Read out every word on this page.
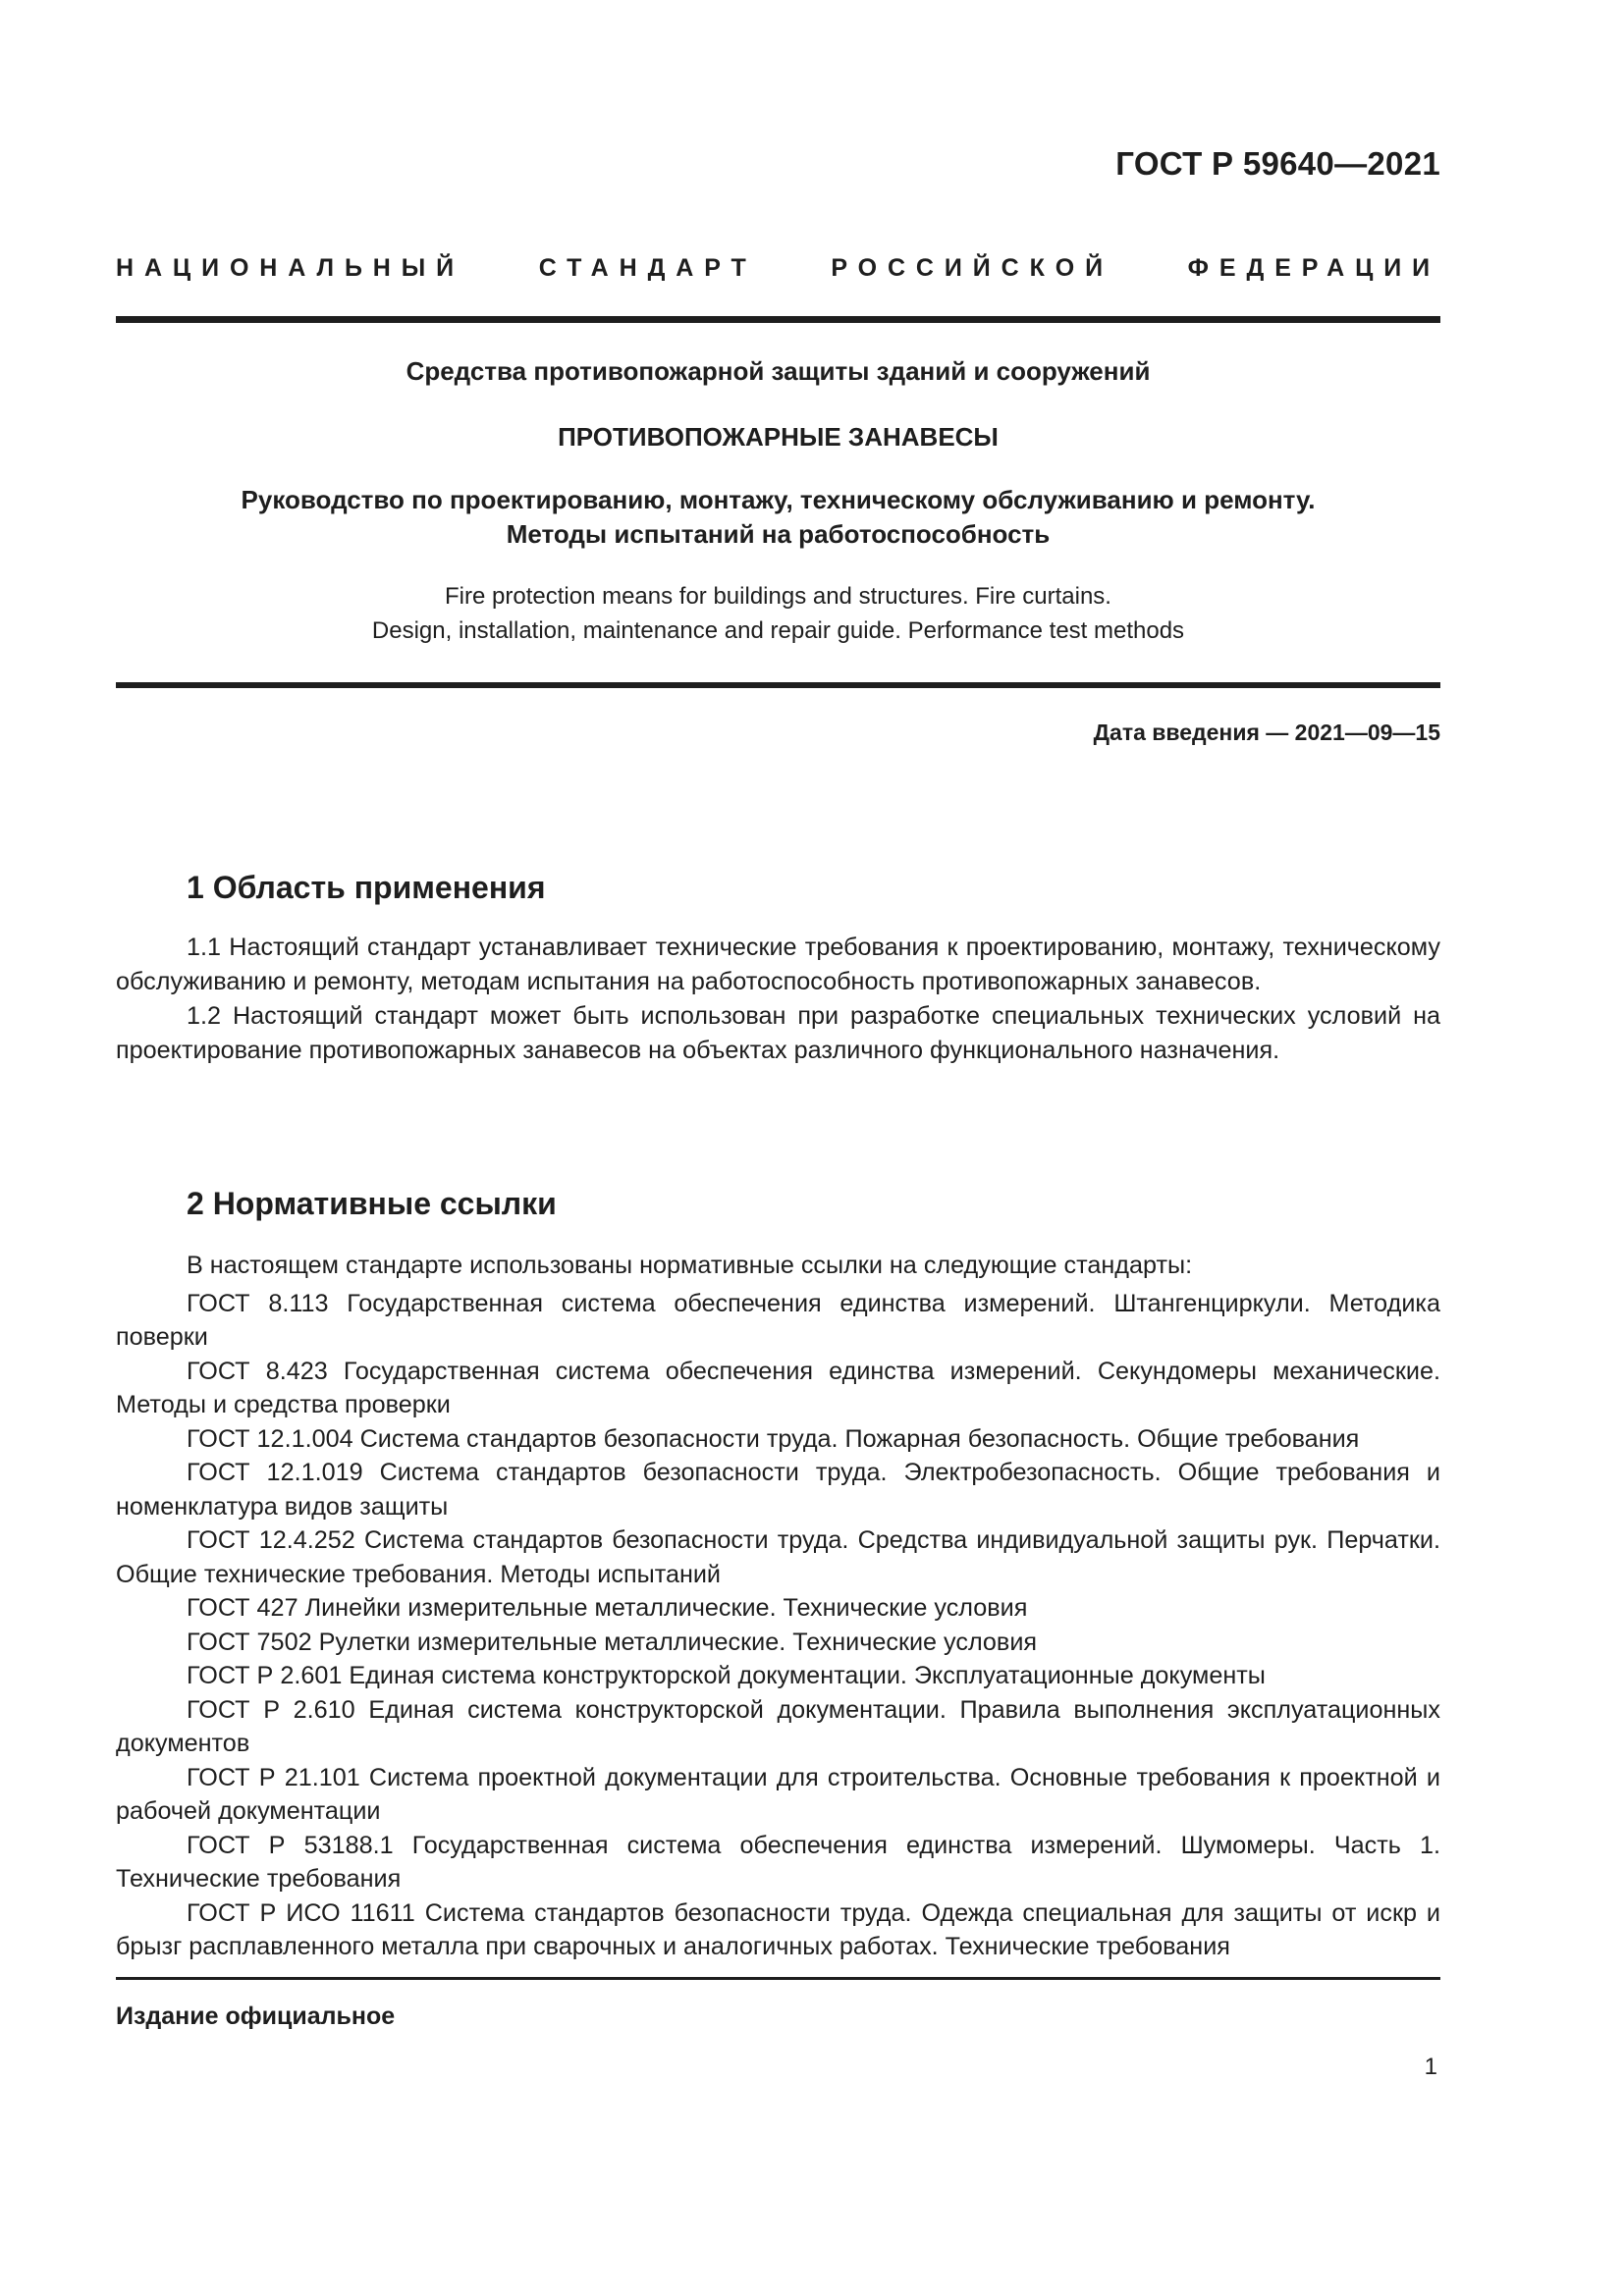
ГОСТ Р 59640—2021
НАЦИОНАЛЬНЫЙ СТАНДАРТ РОССИЙСКОЙ ФЕДЕРАЦИИ
Средства противопожарной защиты зданий и сооружений
ПРОТИВОПОЖАРНЫЕ ЗАНАВЕСЫ
Руководство по проектированию, монтажу, техническому обслуживанию и ремонту.
Методы испытаний на работоспособность
Fire protection means for buildings and structures. Fire curtains.
Design, installation, maintenance and repair guide. Performance test methods
Дата введения — 2021—09—15
1 Область применения

1.1 Настоящий стандарт устанавливает технические требования к проектированию, монтажу, техническому обслуживанию и ремонту, методам испытания на работоспособность противопожарных занавесов.

1.2 Настоящий стандарт может быть использован при разработке специальных технических условий на проектирование противопожарных занавесов на объектах различного функционального назначения.

2 Нормативные ссылки

В настоящем стандарте использованы нормативные ссылки на следующие стандарты:

ГОСТ 8.113 Государственная система обеспечения единства измерений. Штангенциркули. Методика поверки

ГОСТ 8.423 Государственная система обеспечения единства измерений. Секундомеры механические. Методы и средства проверки

ГОСТ 12.1.004 Система стандартов безопасности труда. Пожарная безопасность. Общие требования

ГОСТ 12.1.019 Система стандартов безопасности труда. Электробезопасность. Общие требования и номенклатура видов защиты

ГОСТ 12.4.252 Система стандартов безопасности труда. Средства индивидуальной защиты рук. Перчатки. Общие технические требования. Методы испытаний

ГОСТ 427 Линейки измерительные металлические. Технические условия

ГОСТ 7502 Рулетки измерительные металлические. Технические условия

ГОСТ Р 2.601 Единая система конструкторской документации. Эксплуатационные документы

ГОСТ Р 2.610 Единая система конструкторской документации. Правила выполнения эксплуатационных документов

ГОСТ Р 21.101 Система проектной документации для строительства. Основные требования к проектной и рабочей документации

ГОСТ Р 53188.1 Государственная система обеспечения единства измерений. Шумомеры. Часть 1. Технические требования

ГОСТ Р ИСО 11611 Система стандартов безопасности труда. Одежда специальная для защиты от искр и брызг расплавленного металла при сварочных и аналогичных работах. Технические требования

Издание официальное
1
